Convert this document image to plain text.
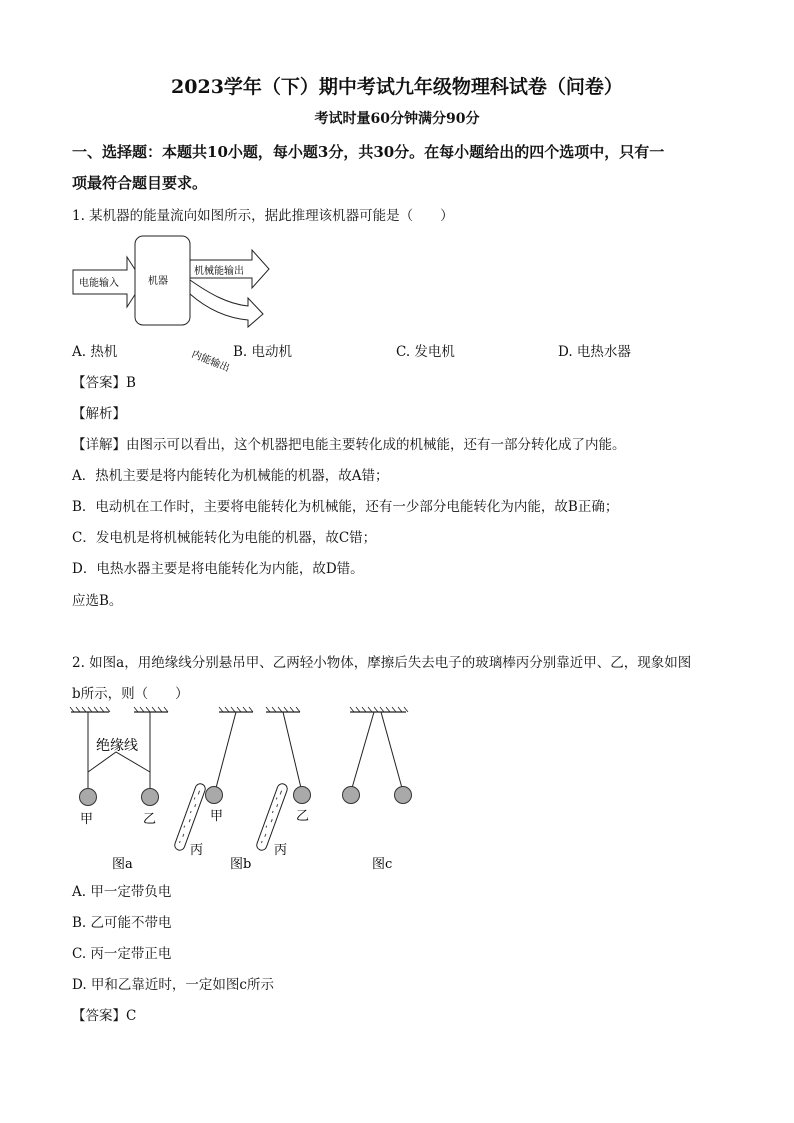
2023学年（下）期中考试九年级物理科试卷（问卷）
考试时量60分钟满分90分
一、选择题：本题共10小题，每小题3分，共30分。在每小题给出的四个选项中，只有一
项最符合题目要求。
1. 某机器的能量流向如图所示，据此推理该机器可能是（　　）
电能输入	机器
机械能输出
内能输出
A. 热机	B. 电动机	C. 发电机	D. 电热水器
【答案】B
【解析】
【详解】由图示可以看出，这个机器把电能主要转化成的机械能，还有一部分转化成了内能。
A．热机主要是将内能转化为机械能的机器，故A错；
B．电动机在工作时，主要将电能转化为机械能，还有一少部分电能转化为内能，故B正确；
C．发电机是将机械能转化为电能的机器，故C错；
D．电热水器主要是将电能转化为内能，故D错。
应选B。
2. 如图a，用绝缘线分别悬吊甲、乙两轻小物体，摩擦后失去电子的玻璃棒丙分别靠近甲、乙，现象如图
b所示，则（　　）
绝缘线
甲	乙
图a
甲
丙
乙
丙
图b	图c
A. 甲一定带负电
B. 乙可能不带电
C. 丙一定带正电
D. 甲和乙靠近时，一定如图c所示
【答案】C
